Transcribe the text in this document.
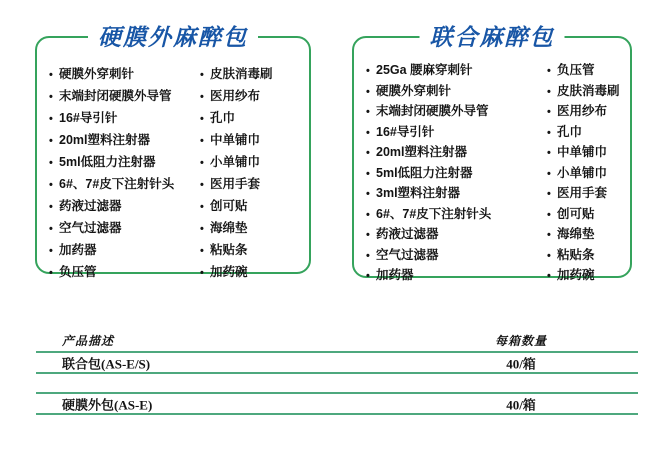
硬膜外麻醉包
• 硬膜外穿刺针
• 末端封闭硬膜外导管
• 16#导引针
• 20ml塑料注射器
• 5ml低阻力注射器
• 6#、7#皮下注射针头
• 药液过滤器
• 空气过滤器
• 加药器
• 负压管
• 皮肤消毒刷
• 医用纱布
• 孔巾
• 中单铺巾
• 小单铺巾
• 医用手套
• 创可贴
• 海绵垫
• 粘贴条
• 加药碗
联合麻醉包
• 25Ga 腰麻穿刺针
• 硬膜外穿刺针
• 末端封闭硬膜外导管
• 16#导引针
• 20ml塑料注射器
• 5ml低阻力注射器
• 3ml塑料注射器
• 6#、7#皮下注射针头
• 药液过滤器
• 空气过滤器
• 加药器
• 负压管
• 皮肤消毒刷
• 医用纱布
• 孔巾
• 中单铺巾
• 小单铺巾
• 医用手套
• 创可贴
• 海绵垫
• 粘贴条
• 加药碗
产品描述	每箱数量
联合包(AS-E/S)	40/箱
硬膜外包(AS-E)	40/箱
